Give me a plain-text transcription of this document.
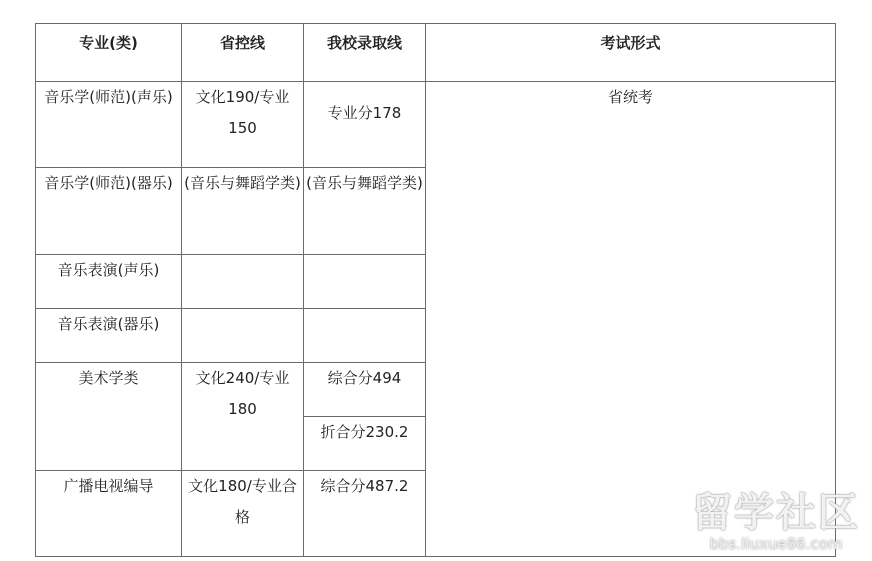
专业(类)	省控线	我校录取线	考试形式
音乐学(师范)(声乐)	文化190/专业150	专业分178	省统考
音乐学(师范)(器乐)	(音乐与舞蹈学类)	(音乐与舞蹈学类)	
音乐表演(声乐)			
音乐表演(器乐)			
美术学类	文化240/专业180	综合分494	
		折合分230.2	
广播电视编导	文化180/专业合格	综合分487.2	
留学社区
bbs.liuxue86.com
